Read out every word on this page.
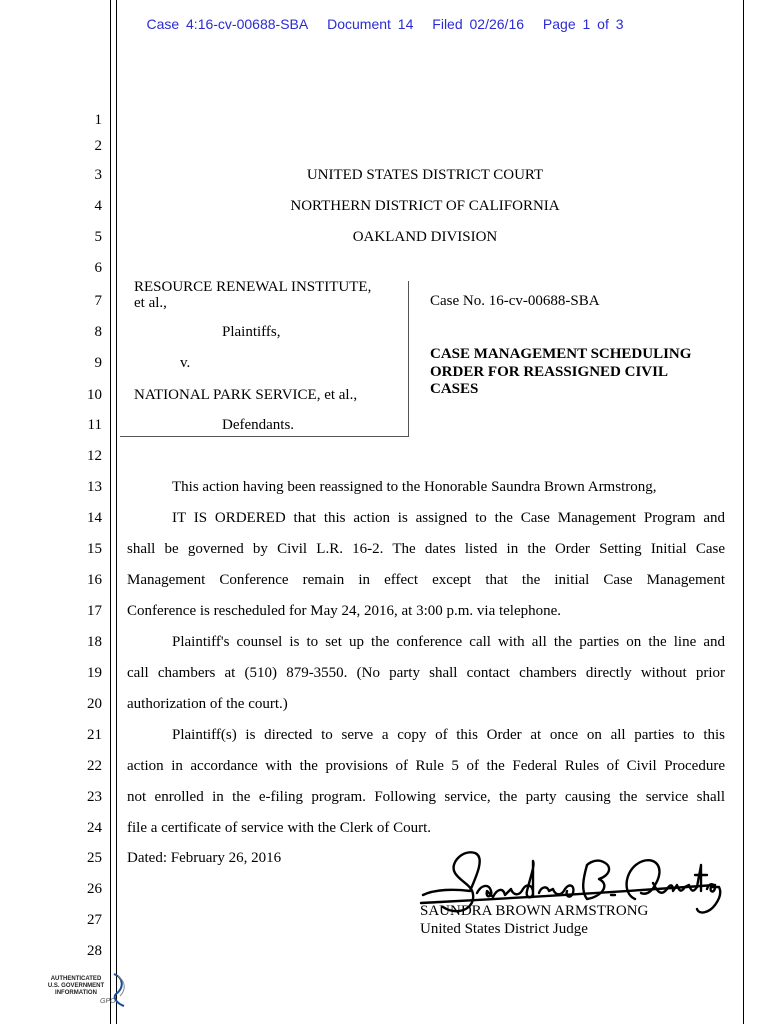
Case 4:16-cv-00688-SBA Document 14 Filed 02/26/16 Page 1 of 3
1
2
3
4
5
6
7
8
9
10
11
12
13
14
15
16
17
18
19
20
21
22
23
24
25
26
27
28
UNITED STATES DISTRICT COURT
NORTHERN DISTRICT OF CALIFORNIA
OAKLAND DIVISION
RESOURCE RENEWAL INSTITUTE,
et al.,
Plaintiffs,
v.
NATIONAL PARK SERVICE, et al.,
Defendants.
Case No. 16-cv-00688-SBA
CASE MANAGEMENT SCHEDULING
ORDER FOR REASSIGNED CIVIL
CASES
This action having been reassigned to the Honorable Saundra Brown Armstrong,
IT IS ORDERED that this action is assigned to the Case Management Program and
shall be governed by Civil L.R. 16-2. The dates listed in the Order Setting Initial Case
Management Conference remain in effect except that the initial Case Management
Conference is rescheduled for May 24, 2016, at 3:00 p.m. via telephone.
Plaintiff's counsel is to set up the conference call with all the parties on the line and
call chambers at (510) 879-3550. (No party shall contact chambers directly without prior
authorization of the court.)
Plaintiff(s) is directed to serve a copy of this Order at once on all parties to this
action in accordance with the provisions of Rule 5 of the Federal Rules of Civil Procedure
not enrolled in the e-filing program. Following service, the party causing the service shall
file a certificate of service with the Clerk of Court.
Dated: February 26, 2016
SAUNDRA BROWN ARMSTRONG
United States District Judge
AUTHENTICATED
U.S. GOVERNMENT
INFORMATION
GPO
